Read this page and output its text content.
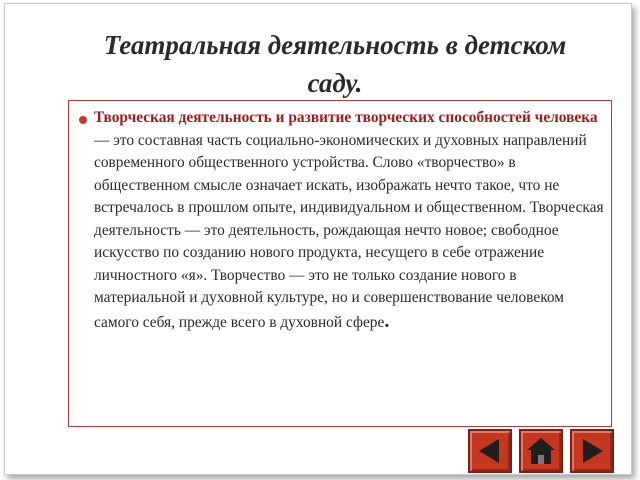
Театральная деятельность в детском саду.

Творческая деятельность и развитие творческих способностей человека — это составная часть социально-экономических и духовных направлений современного общественного устройства. Слово «творчество» в общественном смысле означает искать, изображать нечто такое, что не встречалось в прошлом опыте, индивидуальном и общественном. Творческая деятельность — это деятельность, рождающая нечто новое; свободное искусство по созданию нового продукта, несущего в себе отражение личностного «я». Творчество — это не только создание нового в материальной и духовной культуре, но и совершенствование человеком самого себя, прежде всего в духовной сфере.
